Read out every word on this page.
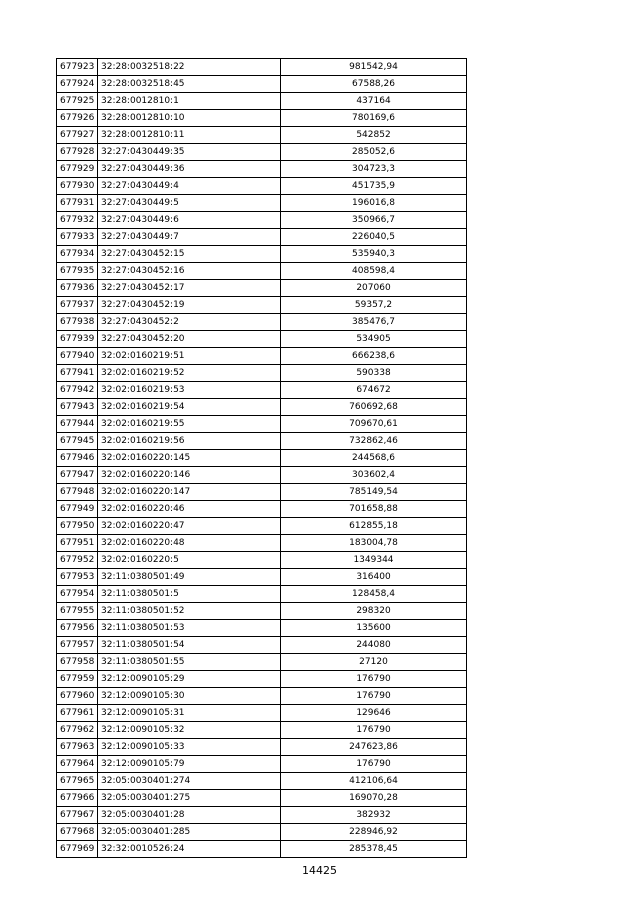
677923	32:28:0032518:22	981542,94
677924	32:28:0032518:45	67588,26
677925	32:28:0012810:1	437164
677926	32:28:0012810:10	780169,6
677927	32:28:0012810:11	542852
677928	32:27:0430449:35	285052,6
677929	32:27:0430449:36	304723,3
677930	32:27:0430449:4	451735,9
677931	32:27:0430449:5	196016,8
677932	32:27:0430449:6	350966,7
677933	32:27:0430449:7	226040,5
677934	32:27:0430452:15	535940,3
677935	32:27:0430452:16	408598,4
677936	32:27:0430452:17	207060
677937	32:27:0430452:19	59357,2
677938	32:27:0430452:2	385476,7
677939	32:27:0430452:20	534905
677940	32:02:0160219:51	666238,6
677941	32:02:0160219:52	590338
677942	32:02:0160219:53	674672
677943	32:02:0160219:54	760692,68
677944	32:02:0160219:55	709670,61
677945	32:02:0160219:56	732862,46
677946	32:02:0160220:145	244568,6
677947	32:02:0160220:146	303602,4
677948	32:02:0160220:147	785149,54
677949	32:02:0160220:46	701658,88
677950	32:02:0160220:47	612855,18
677951	32:02:0160220:48	183004,78
677952	32:02:0160220:5	1349344
677953	32:11:0380501:49	316400
677954	32:11:0380501:5	128458,4
677955	32:11:0380501:52	298320
677956	32:11:0380501:53	135600
677957	32:11:0380501:54	244080
677958	32:11:0380501:55	27120
677959	32:12:0090105:29	176790
677960	32:12:0090105:30	176790
677961	32:12:0090105:31	129646
677962	32:12:0090105:32	176790
677963	32:12:0090105:33	247623,86
677964	32:12:0090105:79	176790
677965	32:05:0030401:274	412106,64
677966	32:05:0030401:275	169070,28
677967	32:05:0030401:28	382932
677968	32:05:0030401:285	228946,92
677969	32:32:0010526:24	285378,45
14425
